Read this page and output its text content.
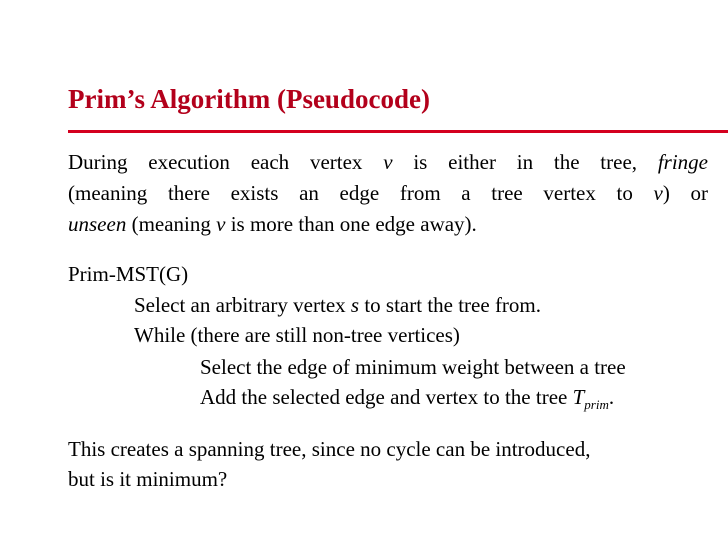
Prim’s Algorithm (Pseudocode)
During execution each vertex v is either in the tree, fringe
(meaning there exists an edge from a tree vertex to v) or
unseen (meaning v is more than one edge away).
Prim-MST(G)
Select an arbitrary vertex s to start the tree from.
While (there are still non-tree vertices)
Select the edge of minimum weight between a tree
Add the selected edge and vertex to the tree $T_{prim}$.
This creates a spanning tree, since no cycle can be introduced,
but is it minimum?
